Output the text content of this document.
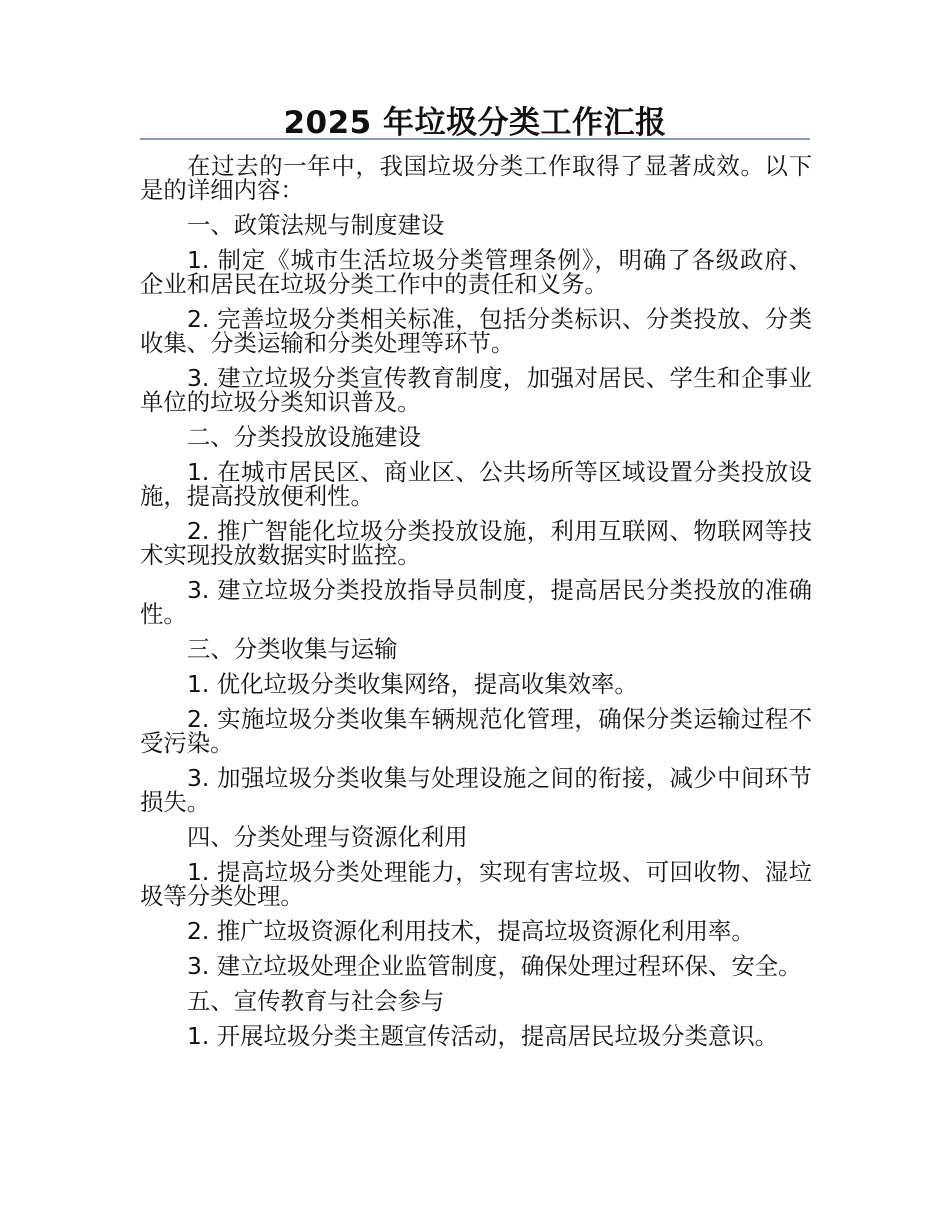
2025 年垃圾分类工作汇报

在过去的一年中，我国垃圾分类工作取得了显著成效。以下是的详细内容：

一、政策法规与制度建设

1. 制定《城市生活垃圾分类管理条例》，明确了各级政府、企业和居民在垃圾分类工作中的责任和义务。

2. 完善垃圾分类相关标准，包括分类标识、分类投放、分类收集、分类运输和分类处理等环节。

3. 建立垃圾分类宣传教育制度，加强对居民、学生和企事业单位的垃圾分类知识普及。

二、分类投放设施建设

1. 在城市居民区、商业区、公共场所等区域设置分类投放设施，提高投放便利性。

2. 推广智能化垃圾分类投放设施，利用互联网、物联网等技术实现投放数据实时监控。

3. 建立垃圾分类投放指导员制度，提高居民分类投放的准确性。

三、分类收集与运输

1. 优化垃圾分类收集网络，提高收集效率。

2. 实施垃圾分类收集车辆规范化管理，确保分类运输过程不受污染。

3. 加强垃圾分类收集与处理设施之间的衔接，减少中间环节损失。

四、分类处理与资源化利用

1. 提高垃圾分类处理能力，实现有害垃圾、可回收物、湿垃圾等分类处理。

2. 推广垃圾资源化利用技术，提高垃圾资源化利用率。

3. 建立垃圾处理企业监管制度，确保处理过程环保、安全。

五、宣传教育与社会参与

1. 开展垃圾分类主题宣传活动，提高居民垃圾分类意识。
